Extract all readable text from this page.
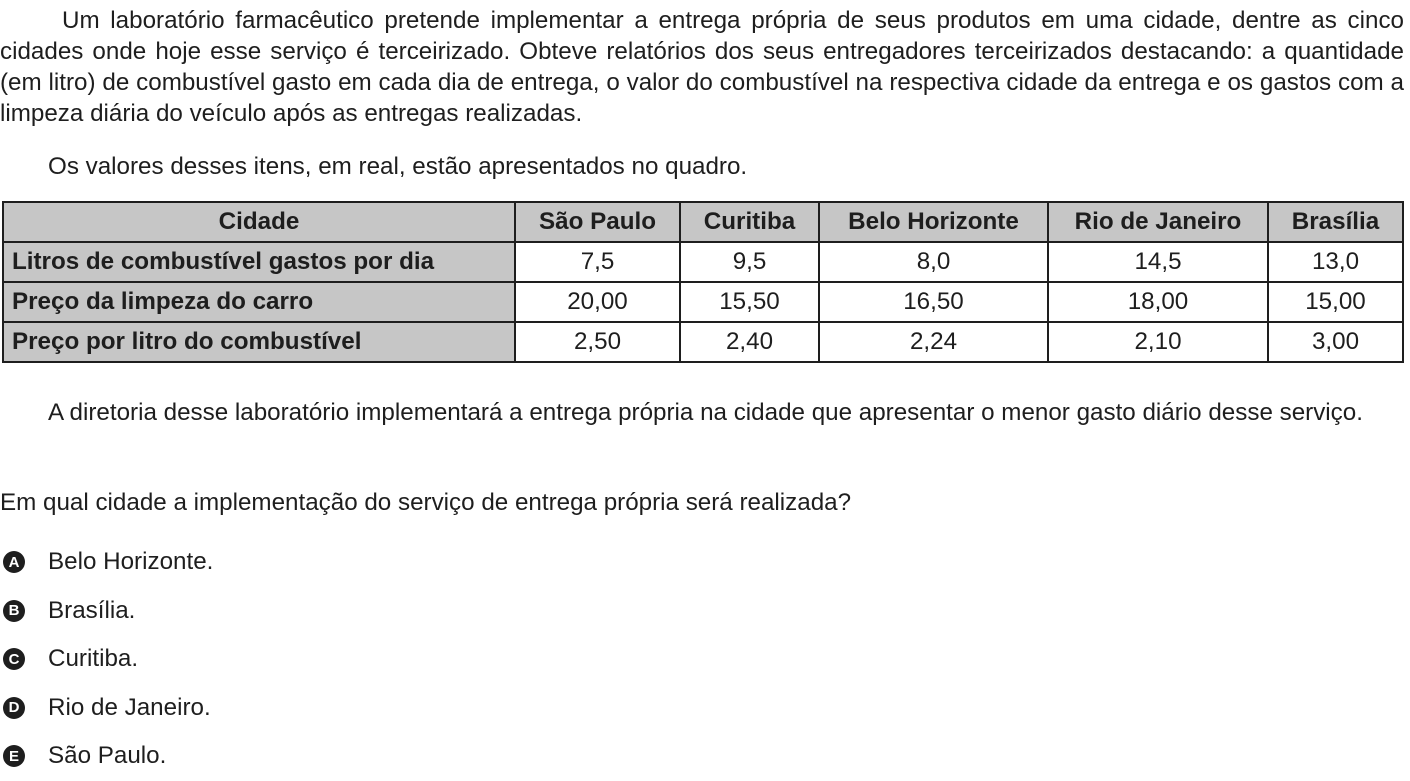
Um laboratório farmacêutico pretende implementar a entrega própria de seus produtos em uma cidade, dentre as cinco cidades onde hoje esse serviço é terceirizado. Obteve relatórios dos seus entregadores terceirizados destacando: a quantidade (em litro) de combustível gasto em cada dia de entrega, o valor do combustível na respectiva cidade da entrega e os gastos com a limpeza diária do veículo após as entregas realizadas.

Os valores desses itens, em real, estão apresentados no quadro.

Cidade	São Paulo	Curitiba	Belo Horizonte	Rio de Janeiro	Brasília
Litros de combustível gastos por dia	7,5	9,5	8,0	14,5	13,0
Preço da limpeza do carro	20,00	15,50	16,50	18,00	15,00
Preço por litro do combustível	2,50	2,40	2,24	2,10	3,00

A diretoria desse laboratório implementará a entrega própria na cidade que apresentar o menor gasto diário desse serviço.

Em qual cidade a implementação do serviço de entrega própria será realizada?

A Belo Horizonte.
B Brasília.
C Curitiba.
D Rio de Janeiro.
E São Paulo.
